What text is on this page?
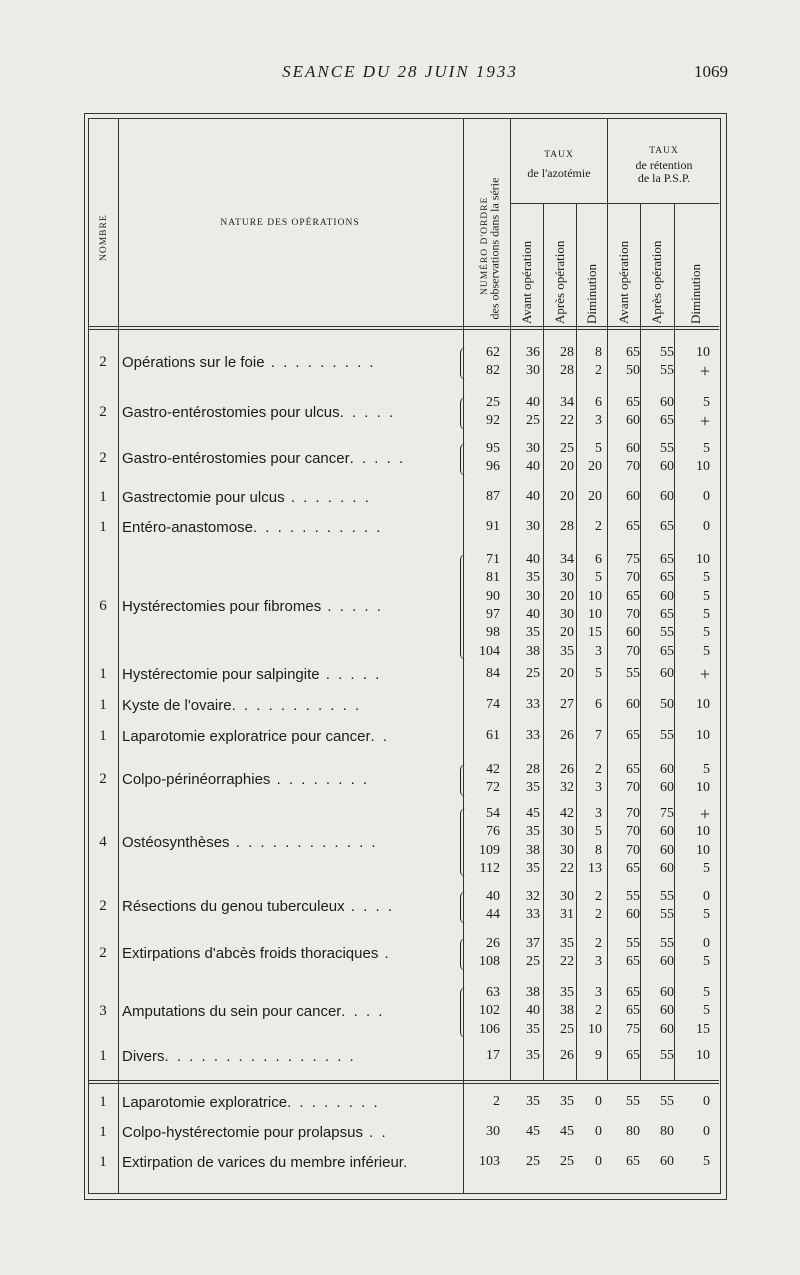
SEANCE DU 28 JUIN 1933	1069
NOMBRE	NATURE DES OPÉRATIONS	NUMÉRO D'ORDRE
des observations dans la série
TAUX
de l'azotémie
TAUX
de rétention
de la P.S.P.
Avant opération Après opération Diminution Avant opération Après opération Diminution
2	Opérations sur le foie . . . . . . . . .
62	36	28	8	65	55	10
82	30	28	2	50	55	+
2	Gastro-entérostomies pour ulcus. . . . .
25	40	34	6	65	60	5
92	25	22	3	60	65	+
2	Gastro-entérostomies pour cancer. . . . .
95	30	25	5	60	55	5
96	40	20	20	70	60	10
1	Gastrectomie pour ulcus . . . . . . .	87	40	20	20	60	60	0
1	Entéro-anastomose. . . . . . . . . . .	91	30	28	2	65	65	0
6	Hystérectomies pour fibromes . . . . .
71	40	34	6	75	65	10
81	35	30	5	70	65	5
90	30	20	10	65	60	5
97	40	30	10	70	65	5
98	35	20	15	60	55	5
104	38	35	3	70	65	5
1	Hystérectomie pour salpingite . . . . .	84	25	20	5	55	60	+
1	Kyste de l'ovaire. . . . . . . . . . .	74	33	27	6	60	50	10
1	Laparotomie exploratrice pour cancer. .	61	33	26	7	65	55	10
2	Colpo-périnéorraphies . . . . . . . .
42	28	26	2	65	60	5
72	35	32	3	70	60	10
4	Ostéosynthèses . . . . . . . . . . . .
54	45	42	3	70	75	+
76	35	30	5	70	60	10
109	38	30	8	70	60	10
112	35	22	13	65	60	5
2	Résections du genou tuberculeux . . . .
40	32	30	2	55	55	0
44	33	31	2	60	55	5
2	Extirpations d'abcès froids thoraciques .
26	37	35	2	55	55	0
108	25	22	3	65	60	5
3	Amputations du sein pour cancer. . . .
63	38	35	3	65	60	5
102	40	38	2	65	60	5
106	35	25	10	75	60	15
1	Divers. . . . . . . . . . . . . . . .	17	35	26	9	65	55	10
1	Laparotomie exploratrice. . . . . . . .	2	35	35	0	55	55	0
1	Colpo-hystérectomie pour prolapsus . .	30	45	45	0	80	80	0
1	Extirpation de varices du membre inférieur.	103	25	25	0	65	60	5
